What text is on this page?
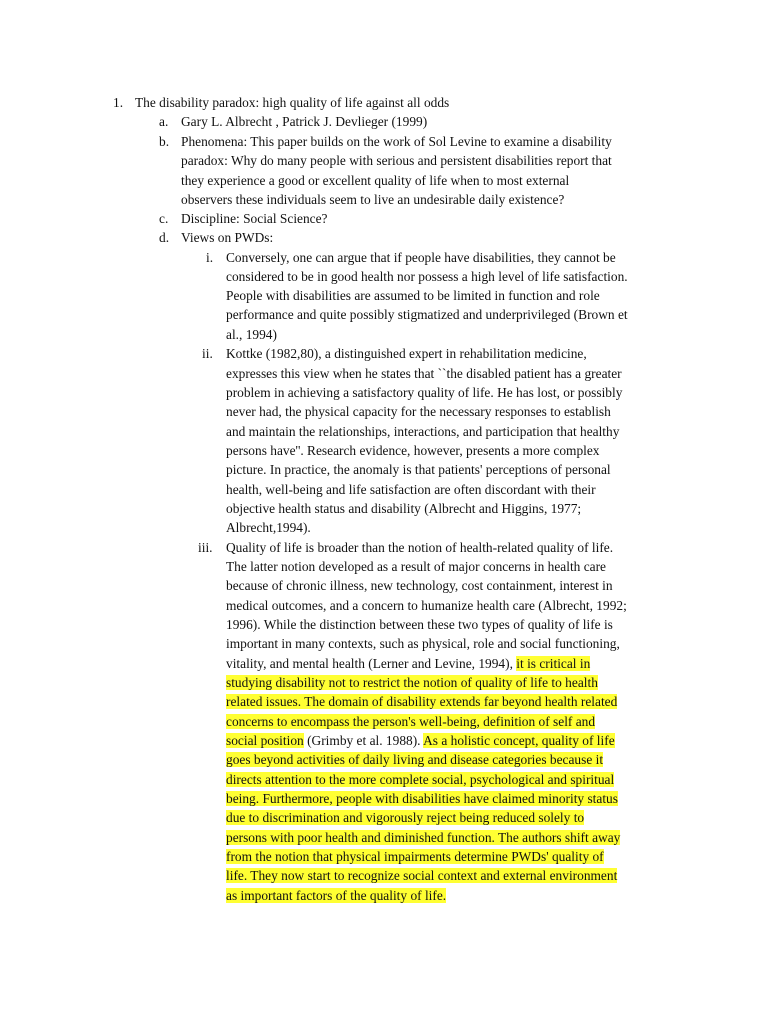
1. The disability paradox: high quality of life against all odds
a. Gary L. Albrecht , Patrick J. Devlieger (1999)
b. Phenomena: This paper builds on the work of Sol Levine to examine a disability
paradox: Why do many people with serious and persistent disabilities report that
they experience a good or excellent quality of life when to most external
observers these individuals seem to live an undesirable daily existence?
c. Discipline: Social Science?
d. Views on PWDs:
i. Conversely, one can argue that if people have disabilities, they cannot be
considered to be in good health nor possess a high level of life satisfaction.
People with disabilities are assumed to be limited in function and role
performance and quite possibly stigmatized and underprivileged (Brown et
al., 1994)
ii. Kottke (1982,80), a distinguished expert in rehabilitation medicine,
expresses this view when he states that ``the disabled patient has a greater
problem in achieving a satisfactory quality of life. He has lost, or possibly
never had, the physical capacity for the necessary responses to establish
and maintain the relationships, interactions, and participation that healthy
persons have''. Research evidence, however, presents a more complex
picture. In practice, the anomaly is that patients' perceptions of personal
health, well-being and life satisfaction are often discordant with their
objective health status and disability (Albrecht and Higgins, 1977;
Albrecht,1994).
iii. Quality of life is broader than the notion of health-related quality of life.
The latter notion developed as a result of major concerns in health care
because of chronic illness, new technology, cost containment, interest in
medical outcomes, and a concern to humanize health care (Albrecht, 1992;
1996). While the distinction between these two types of quality of life is
important in many contexts, such as physical, role and social functioning,
vitality, and mental health (Lerner and Levine, 1994), it is critical in
studying disability not to restrict the notion of quality of life to health
related issues. The domain of disability extends far beyond health related
concerns to encompass the person's well-being, definition of self and
social position (Grimby et al. 1988). As a holistic concept, quality of life
goes beyond activities of daily living and disease categories because it
directs attention to the more complete social, psychological and spiritual
being. Furthermore, people with disabilities have claimed minority status
due to discrimination and vigorously reject being reduced solely to
persons with poor health and diminished function. The authors shift away
from the notion that physical impairments determine PWDs' quality of
life. They now start to recognize social context and external environment
as important factors of the quality of life.
